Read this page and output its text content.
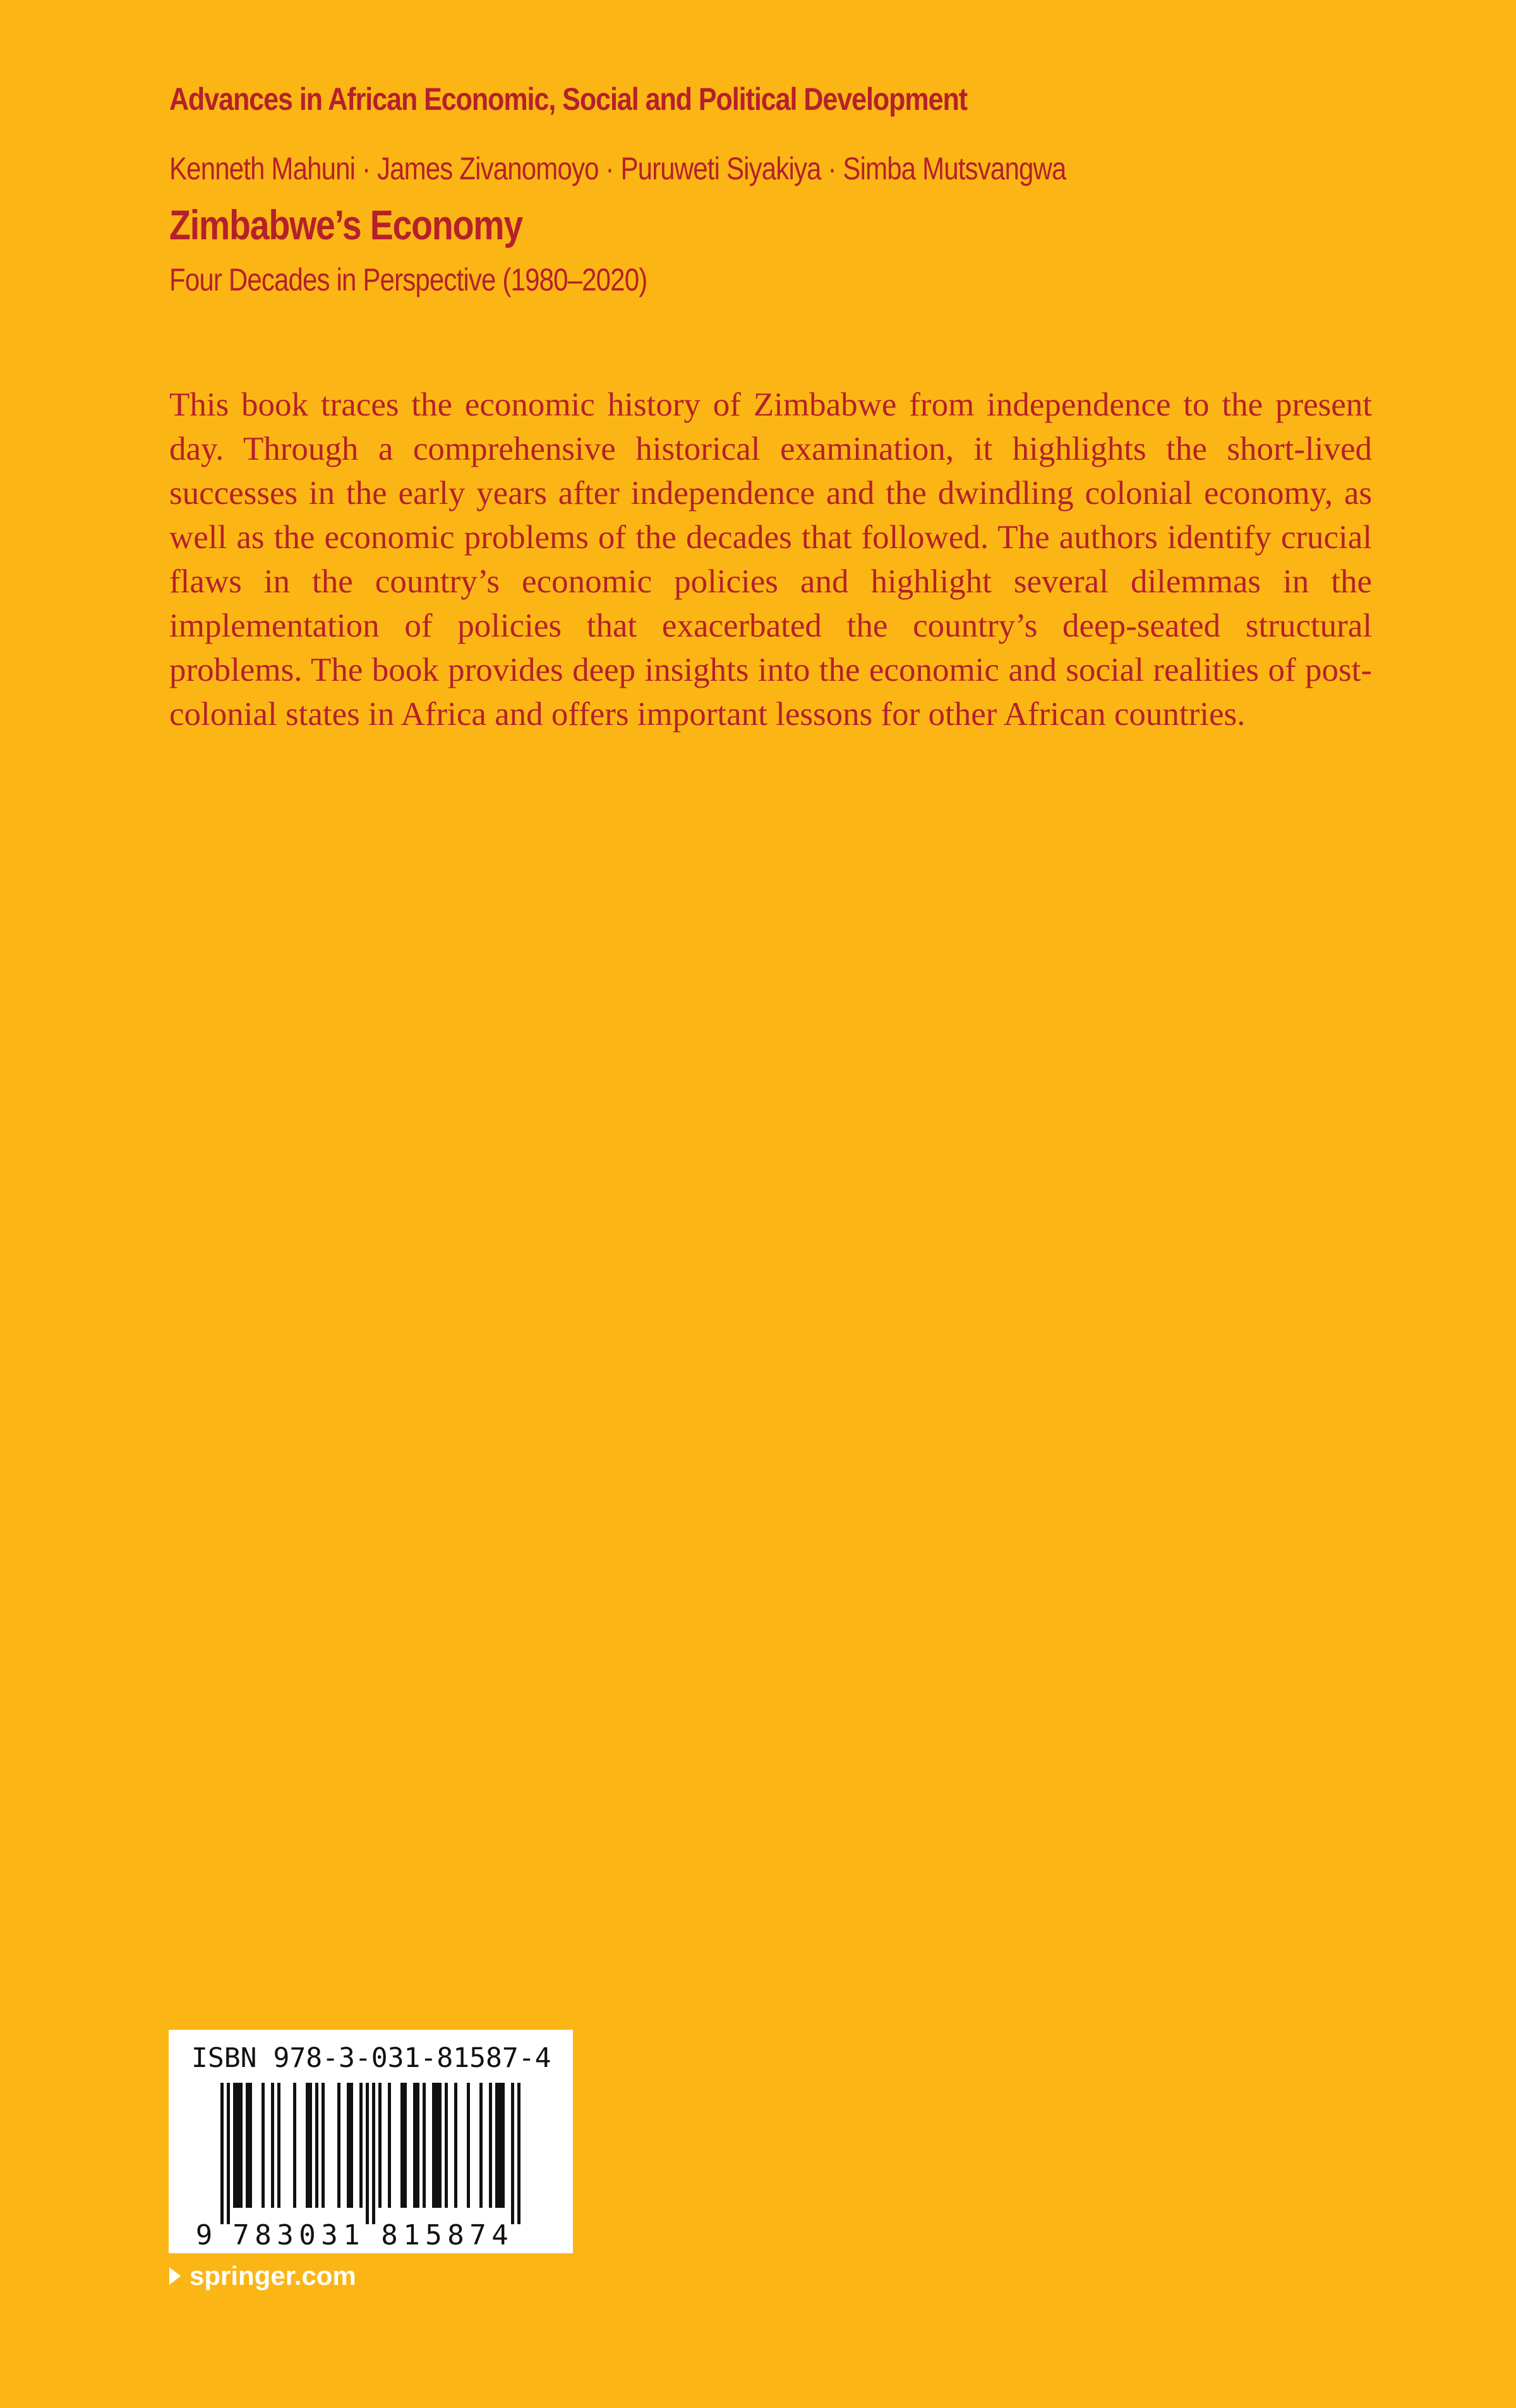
Advances in African Economic, Social and Political Development
Kenneth Mahuni · James Zivanomoyo · Puruweti Siyakiya · Simba Mutsvangwa
Zimbabwe’s Economy
Four Decades in Perspective (1980–2020)

This book traces the economic history of Zimbabwe from independence to the present day. Through a comprehensive historical examination, it highlights the short-lived successes in the early years after independence and the dwindling colonial economy, as well as the economic problems of the decades that followed. The authors identify crucial flaws in the country’s economic policies and highlight several dilemmas in the implementation of policies that exacerbated the country’s deep-seated structural problems. The book provides deep insights into the economic and social realities of post-colonial states in Africa and offers important lessons for other African countries.

ISBN 978-3-031-81587-4
9 7 8 3 0 3 1 8 1 5 8 7 4
springer.com
